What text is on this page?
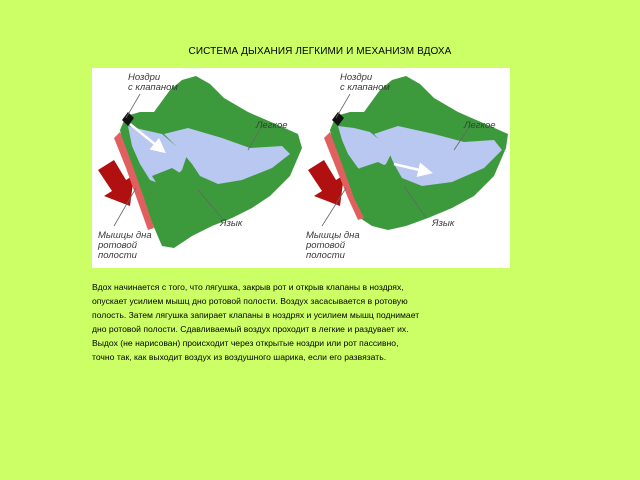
СИСТЕМА ДЫХАНИЯ ЛЕГКИМИ И МЕХАНИЗМ ВДОХА
Ноздри
с клапаном
Легкое
Язык
Мышцы дна
ротовой
полости
Ноздри
с клапаном
Легкое
Язык
Мышцы дна
ротовой
полости

Вдох начинается с того, что лягушка, закрыв рот и открыв клапаны в ноздрях,

опускает усилием мышц дно ротовой полости. Воздух засасывается в ротовую

полость. Затем лягушка запирает клапаны в ноздрях и усилием мышц поднимает

дно ротовой полости. Сдавливаемый воздух проходит в легкие и раздувает их.

Выдох (не нарисован) происходит через открытые ноздри или рот пассивно,

точно так, как выходит воздух из воздушного шарика, если его развязать.
